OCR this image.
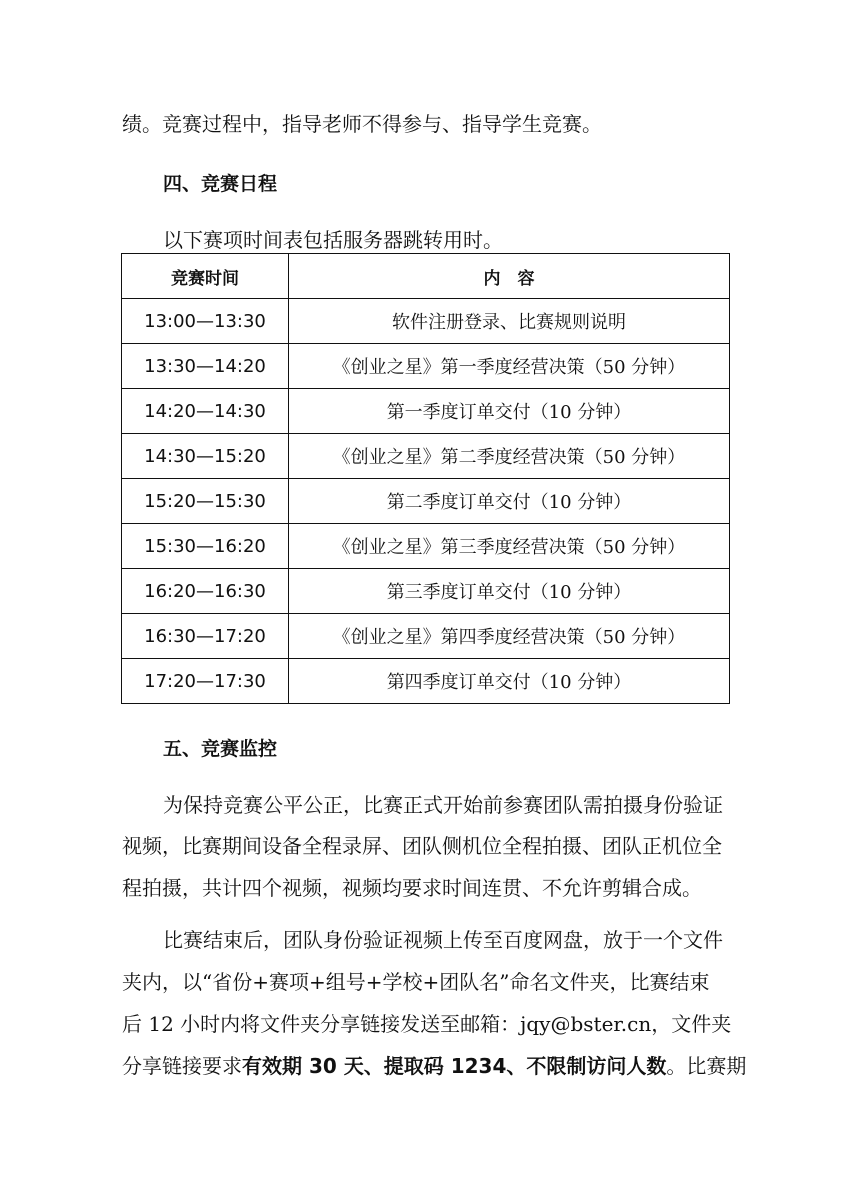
绩。竞赛过程中，指导老师不得参与、指导学生竞赛。
四、竞赛日程
以下赛项时间表包括服务器跳转用时。
竞赛时间	内　容
13:00—13:30	软件注册登录、比赛规则说明
13:30—14:20	《创业之星》第一季度经营决策（50 分钟）
14:20—14:30	第一季度订单交付（10 分钟）
14:30—15:20	《创业之星》第二季度经营决策（50 分钟）
15:20—15:30	第二季度订单交付（10 分钟）
15:30—16:20	《创业之星》第三季度经营决策（50 分钟）
16:20—16:30	第三季度订单交付（10 分钟）
16:30—17:20	《创业之星》第四季度经营决策（50 分钟）
17:20—17:30	第四季度订单交付（10 分钟）
五、竞赛监控
为保持竞赛公平公正，比赛正式开始前参赛团队需拍摄身份验证
视频，比赛期间设备全程录屏、团队侧机位全程拍摄、团队正机位全
程拍摄，共计四个视频，视频均要求时间连贯、不允许剪辑合成。
比赛结束后，团队身份验证视频上传至百度网盘，放于一个文件
夹内，以“省份+赛项+组号+学校+团队名”命名文件夹，比赛结束
后 12 小时内将文件夹分享链接发送至邮箱：jqy@bster.cn，文件夹
分享链接要求有效期 30 天、提取码 1234、不限制访问人数。比赛期
